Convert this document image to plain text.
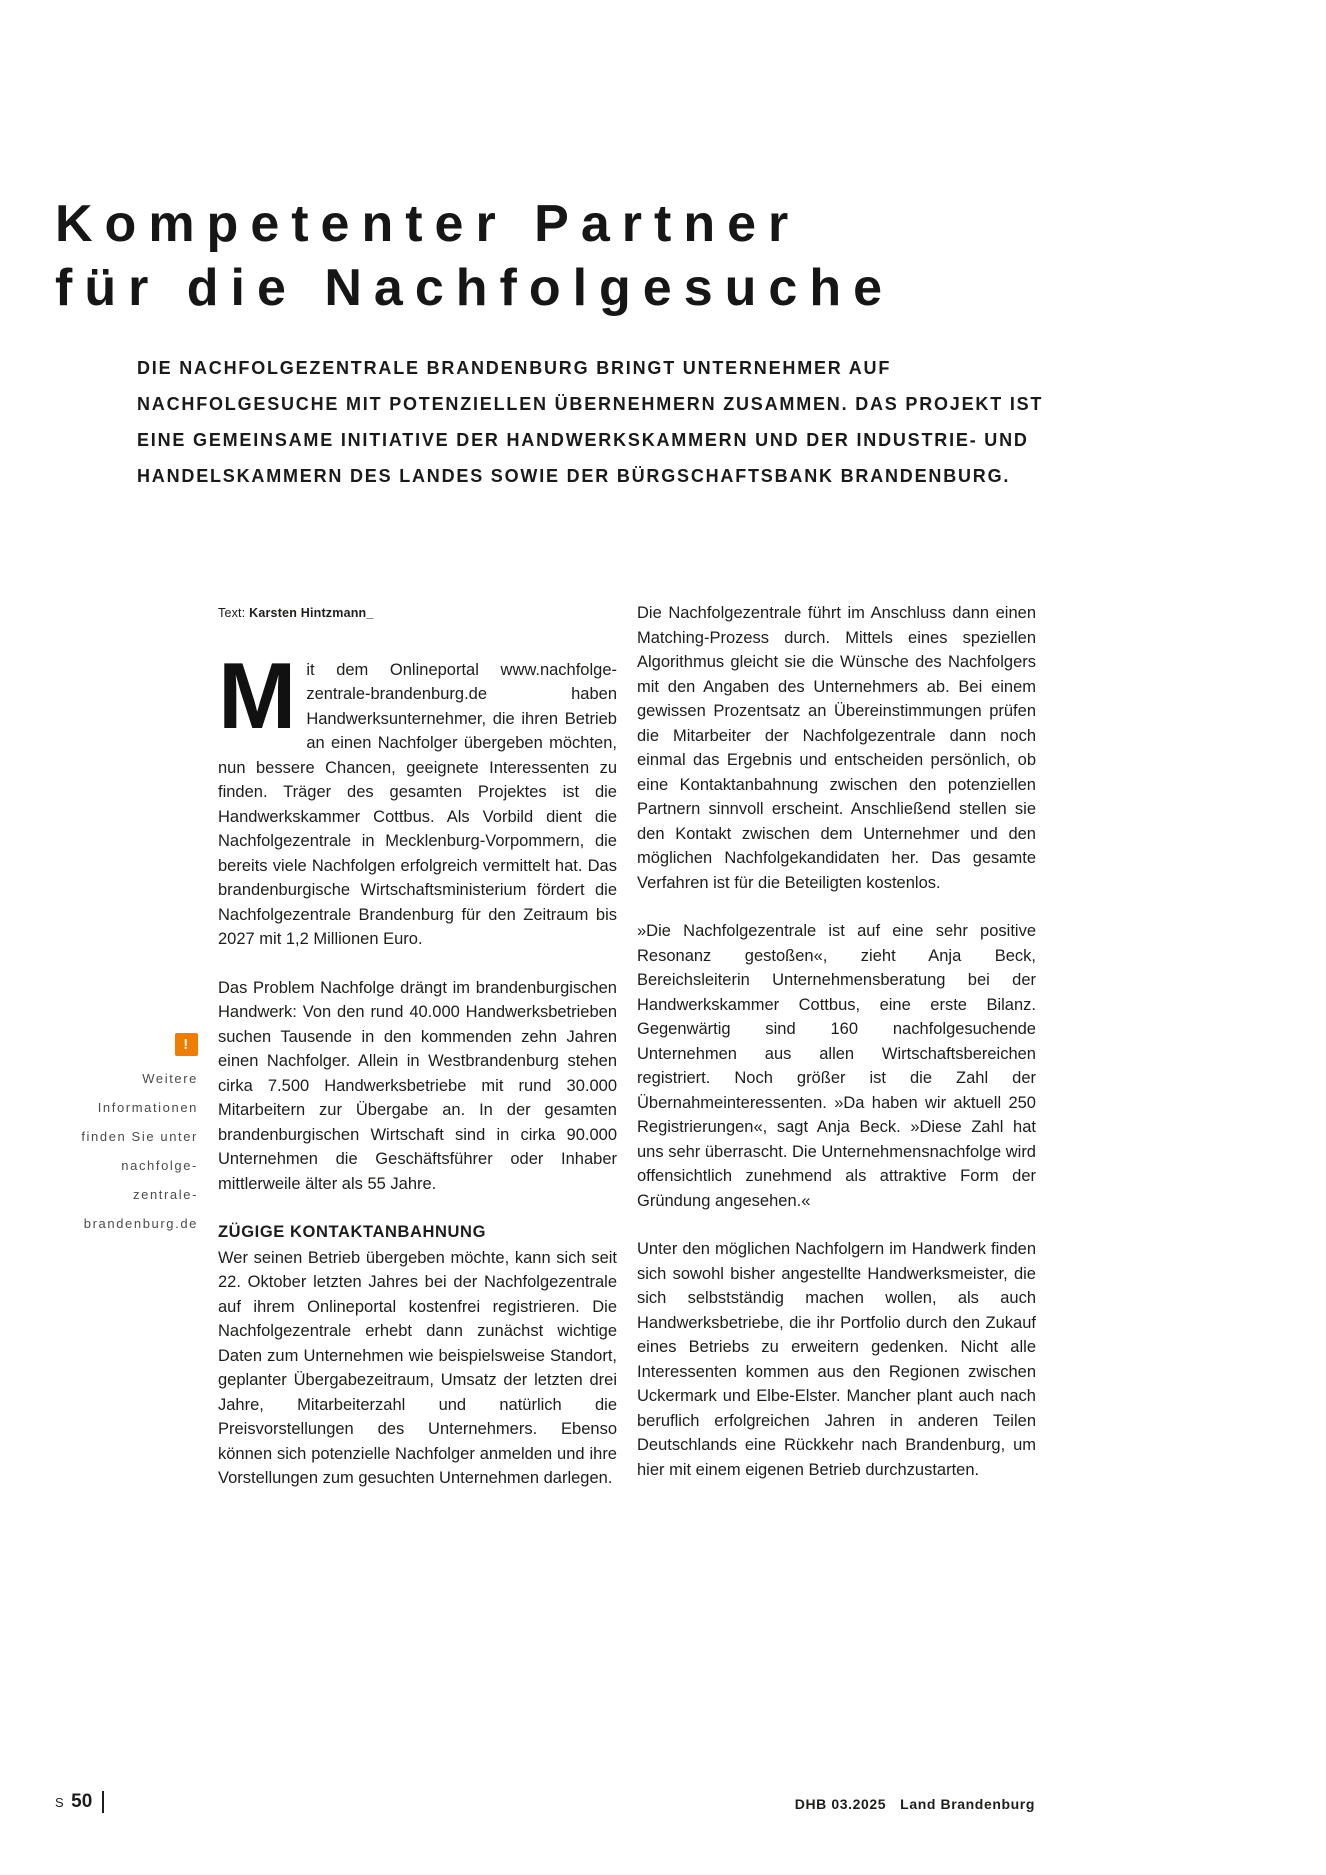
Kompetenter Partner
für die Nachfolgesuche
DIE NACHFOLGEZENTRALE BRANDENBURG BRINGT UNTERNEHMER AUF NACHFOLGESUCHE MIT POTENZIELLEN ÜBERNEHMERN ZUSAMMEN. DAS PROJEKT IST EINE GEMEINSAME INITIATIVE DER HANDWERKSKAMMERN UND DER INDUSTRIE- UND HANDELSKAMMERN DES LANDES SOWIE DER BÜRGSCHAFTSBANK BRANDENBURG.
!
Weitere
Informationen
finden Sie unter
nachfolge-
zentrale-
brandenburg.de
Text: Karsten Hintzmann_

Mit dem Onlineportal www.nachfolge-zentrale-brandenburg.de haben Handwerksunternehmer, die ihren Betrieb an einen Nachfolger übergeben möchten, nun bessere Chancen, geeignete Interessenten zu finden. Träger des gesamten Projektes ist die Handwerkskammer Cottbus. Als Vorbild dient die Nachfolgezentrale in Mecklenburg-Vorpommern, die bereits viele Nachfolgen erfolgreich vermittelt hat. Das brandenburgische Wirtschaftsministerium fördert die Nachfolgezentrale Brandenburg für den Zeitraum bis 2027 mit 1,2 Millionen Euro.

Das Problem Nachfolge drängt im brandenburgischen Handwerk: Von den rund 40.000 Handwerksbetrieben suchen Tausende in den kommenden zehn Jahren einen Nachfolger. Allein in Westbrandenburg stehen cirka 7.500 Handwerksbetriebe mit rund 30.000 Mitarbeitern zur Übergabe an. In der gesamten brandenburgischen Wirtschaft sind in cirka 90.000 Unternehmen die Geschäftsführer oder Inhaber mittlerweile älter als 55 Jahre.

ZÜGIGE KONTAKTANBAHNUNG

Wer seinen Betrieb übergeben möchte, kann sich seit 22. Oktober letzten Jahres bei der Nachfolgezentrale auf ihrem Onlineportal kostenfrei registrieren. Die Nachfolgezentrale erhebt dann zunächst wichtige Daten zum Unternehmen wie beispielsweise Standort, geplanter Übergabezeitraum, Umsatz der letzten drei Jahre, Mitarbeiterzahl und natürlich die Preisvorstellungen des Unternehmers. Ebenso können sich potenzielle Nachfolger anmelden und ihre Vorstellungen zum gesuchten Unternehmen darlegen.

Die Nachfolgezentrale führt im Anschluss dann einen Matching-Prozess durch. Mittels eines speziellen Algorithmus gleicht sie die Wünsche des Nachfolgers mit den Angaben des Unternehmers ab. Bei einem gewissen Prozentsatz an Übereinstimmungen prüfen die Mitarbeiter der Nachfolgezentrale dann noch einmal das Ergebnis und entscheiden persönlich, ob eine Kontaktanbahnung zwischen den potenziellen Partnern sinnvoll erscheint. Anschließend stellen sie den Kontakt zwischen dem Unternehmer und den möglichen Nachfolgekandidaten her. Das gesamte Verfahren ist für die Beteiligten kostenlos.

»Die Nachfolgezentrale ist auf eine sehr positive Resonanz gestoßen«, zieht Anja Beck, Bereichsleiterin Unternehmensberatung bei der Handwerkskammer Cottbus, eine erste Bilanz. Gegenwärtig sind 160 nachfolgesuchende Unternehmen aus allen Wirtschaftsbereichen registriert. Noch größer ist die Zahl der Übernahmeinteressenten. »Da haben wir aktuell 250 Registrierungen«, sagt Anja Beck. »Diese Zahl hat uns sehr überrascht. Die Unternehmensnachfolge wird offensichtlich zunehmend als attraktive Form der Gründung angesehen.«

Unter den möglichen Nachfolgern im Handwerk finden sich sowohl bisher angestellte Handwerksmeister, die sich selbstständig machen wollen, als auch Handwerksbetriebe, die ihr Portfolio durch den Zukauf eines Betriebs zu erweitern gedenken. Nicht alle Interessenten kommen aus den Regionen zwischen Uckermark und Elbe-Elster. Mancher plant auch nach beruflich erfolgreichen Jahren in anderen Teilen Deutschlands eine Rückkehr nach Brandenburg, um hier mit einem eigenen Betrieb durchzustarten.

S 50	DHB 03.2025 Land Brandenburg
